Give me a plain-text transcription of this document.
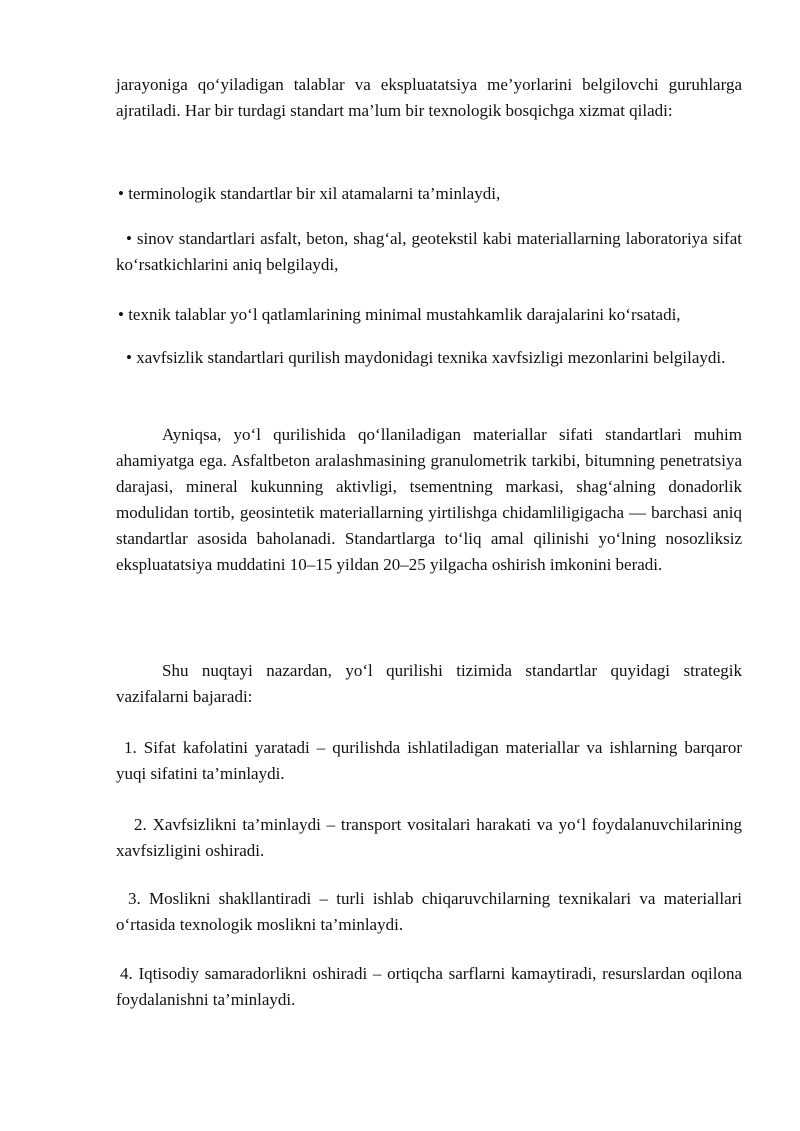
jarayoniga qo‘yiladigan talablar va ekspluatatsiya me’yorlarini belgilovchi guruhlarga ajratiladi. Har bir turdagi standart ma’lum bir texnologik bosqichga xizmat qiladi:

• terminologik standartlar bir xil atamalarni ta’minlaydi,

• sinov standartlari asfalt, beton, shag‘al, geotekstil kabi materiallarning laboratoriya sifat ko‘rsatkichlarini aniq belgilaydi,

• texnik talablar yo‘l qatlamlarining minimal mustahkamlik darajalarini ko‘rsatadi,

• xavfsizlik standartlari qurilish maydonidagi texnika xavfsizligi mezonlarini belgilaydi.

Ayniqsa, yo‘l qurilishida qo‘llaniladigan materiallar sifati standartlari muhim ahamiyatga ega. Asfaltbeton aralashmasining granulometrik tarkibi, bitumning penetratsiya darajasi, mineral kukunning aktivligi, tsementning markasi, shag‘alning donadorlik modulidan tortib, geosintetik materiallarning yirtilishga chidamliligigacha — barchasi aniq standartlar asosida baholanadi. Standartlarga to‘liq amal qilinishi yo‘lning nosozliksiz ekspluatatsiya muddatini 10–15 yildan 20–25 yilgacha oshirish imkonini beradi.

Shu nuqtayi nazardan, yo‘l qurilishi tizimida standartlar quyidagi strategik vazifalarni bajaradi:

1. Sifat kafolatini yaratadi – qurilishda ishlatiladigan materiallar va ishlarning barqaror yuqi sifatini ta’minlaydi.

2. Xavfsizlikni ta’minlaydi – transport vositalari harakati va yo‘l foydalanuvchilarining xavfsizligini oshiradi.

3. Moslikni shakllantiradi – turli ishlab chiqaruvchilarning texnikalari va materiallari o‘rtasida texnologik moslikni ta’minlaydi.

4. Iqtisodiy samaradorlikni oshiradi – ortiqcha sarflarni kamaytiradi, resurslardan oqilona foydalanishni ta’minlaydi.
